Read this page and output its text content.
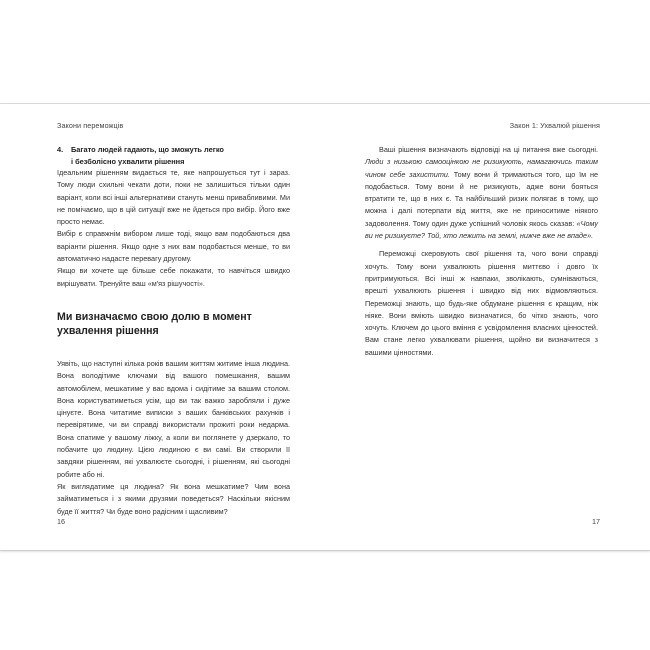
Закони переможців
4. Багато людей гадають, що зможуть легко
і безболісно ухвалити рішення

Ідеальним рішенням видається те, яке напрошується тут і зараз. Тому люди схильні чекати доти, поки не залишиться тільки один варіант, коли всі інші альтернативи стануть менш привабливими. Ми не помічаємо, що в цій ситуації вже не йдеться про вибір. Його вже просто немає.

Вибір є справжнім вибором лише тоді, якщо вам подобаються два варіанти рішення. Якщо одне з них вам подобається менше, то ви автоматично надасте перевагу другому.

Якщо ви хочете ще більше себе покажати, то навчіться швидко вирішувати. Тренуйте ваш «м'яз рішучості».

Ми визначаємо свою долю в момент
ухвалення рішення

Уявіть, що наступні кілька років вашим життям житиме інша людина. Вона володітиме ключами від вашого помешкання, вашим автомобілем, мешкатиме у вас вдома і сидітиме за вашим столом. Вона користуватиметься усім, що ви так важко заробляли і дуже цінуєте. Вона читатиме виписки з ваших банківських рахунків і перевірятиме, чи ви справді використали прожиті роки недарма. Вона спатиме у вашому ліжку, а коли ви поглянете у дзеркало, то побачите цю людину. Цією людиною є ви самі. Ви створили її завдяки рішенням, які ухвалюєте сьогодні, і рішенням, які сьогодні робите або ні.

Як виглядатиме ця людина? Як вона мешкатиме? Чим вона займатиметься і з якими друзями поведеться? Наскільки якісним буде її життя? Чи буде воно радісним і щасливим?

16
Закон 1: Ухвалюй рішення

Ваші рішення визначають відповіді на ці питання вже сьогодні. Люди з низькою самооцінкою не ризикують, намагаючись таким чином себе захистити. Тому вони й тримаються того, що їм не подобається. Тому вони й не ризикують, адже вони бояться втратити те, що в них є. Та найбільший ризик полягає в тому, що можна і далі потерпати від життя, яке не приноситиме ніякого задоволення. Тому один дуже успішний чоловік якось сказав: «Чому ви не ризикуєте? Той, хто лежить на землі, нижче вже не впаде».

Переможці скеровують свої рішення та, чого вони справді хочуть. Тому вони ухвалюють рішення миттєво і довго їх притримуються. Всі інші ж навпаки, зволікають, сумніваються, врешті ухвалюють рішення і швидко від них відмовляються. Переможці знають, що будь-яке обдумане рішення є кращим, ніж ніяке. Вони вміють швидко визначатися, бо чітко знають, чого хочуть. Ключем до цього вміння є усвідомлення власних цінностей. Вам стане легко ухвалювати рішення, щойно ви визначитеся з вашими цінностями.

17
